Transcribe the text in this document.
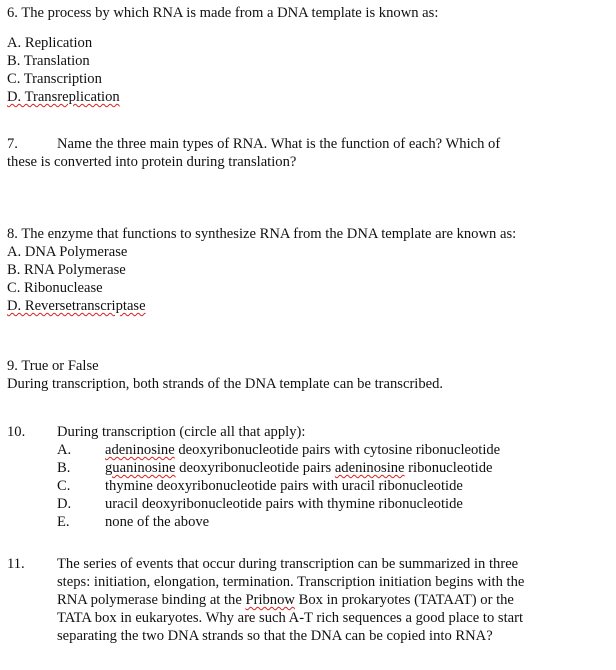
6. The process by which RNA is made from a DNA template is known as:
A. Replication
B. Translation
C. Transcription
D. Transreplication
7.	Name the three main types of RNA. What is the function of each? Which of
these is converted into protein during translation?
8. The enzyme that functions to synthesize RNA from the DNA template are known as:
A. DNA Polymerase
B. RNA Polymerase
C. Ribonuclease
D. Reversetranscriptase
9. True or False
During transcription, both strands of the DNA template can be transcribed.
10. During transcription (circle all that apply):
A. adeninosine deoxyribonucleotide pairs with cytosine ribonucleotide
B. guaninosine deoxyribonucleotide pairs adeninosine ribonucleotide
C. thymine deoxyribonucleotide pairs with uracil ribonucleotide
D. uracil deoxyribonucleotide pairs with thymine ribonucleotide
E. none of the above
11. The series of events that occur during transcription can be summarized in three
steps: initiation, elongation, termination. Transcription initiation begins with the
RNA polymerase binding at the Pribnow Box in prokaryotes (TATAAT) or the
TATA box in eukaryotes. Why are such A-T rich sequences a good place to start
separating the two DNA strands so that the DNA can be copied into RNA?
